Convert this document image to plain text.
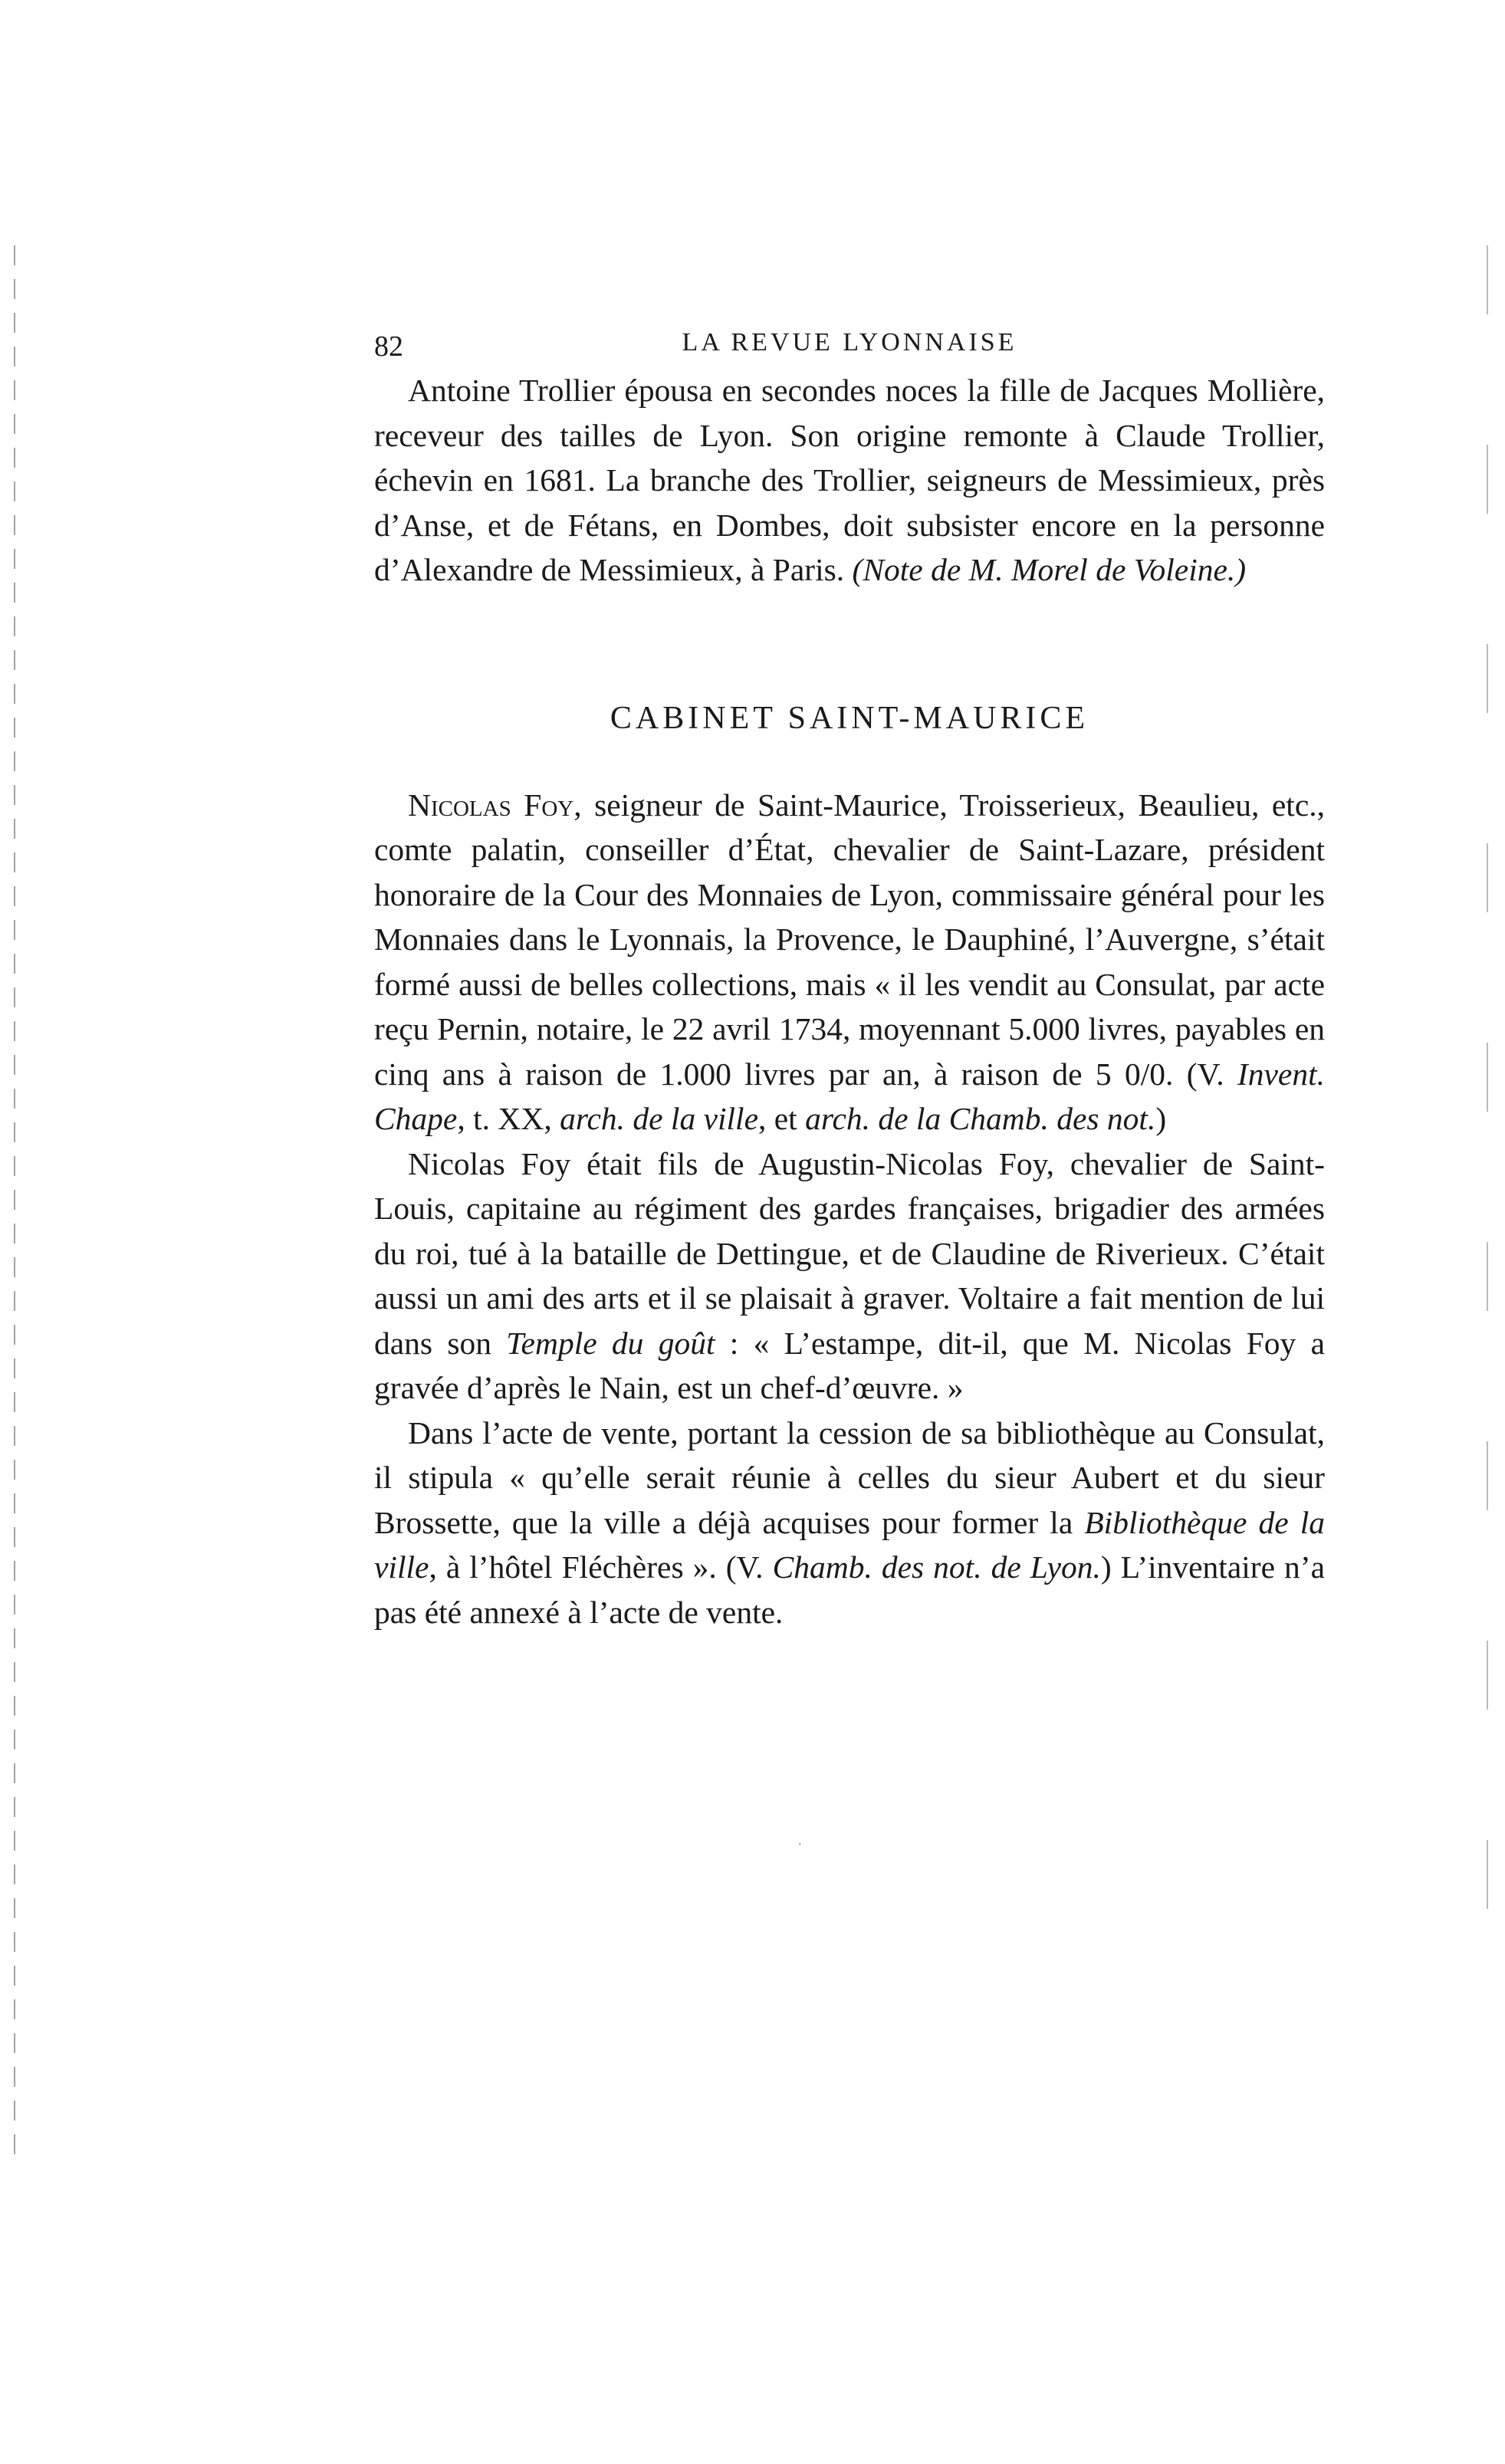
82	LA REVUE LYONNAISE

Antoine Trollier épousa en secondes noces la fille de Jacques Mollière, receveur des tailles de Lyon. Son origine remonte à Claude Trollier, échevin en 1681. La branche des Trollier, seigneurs de Messimieux, près d’Anse, et de Fétans, en Dombes, doit subsister encore en la personne d’Alexandre de Messimieux, à Paris. (Note de M. Morel de Voleine.)

CABINET SAINT-MAURICE

Nicolas Foy, seigneur de Saint-Maurice, Troisserieux, Beaulieu, etc., comte palatin, conseiller d’État, chevalier de Saint-Lazare, président honoraire de la Cour des Monnaies de Lyon, commissaire général pour les Monnaies dans le Lyonnais, la Provence, le Dauphiné, l’Auvergne, s’était formé aussi de belles collections, mais « il les vendit au Consulat, par acte reçu Pernin, notaire, le 22 avril 1734, moyennant 5.000 livres, payables en cinq ans à raison de 1.000 livres par an, à raison de 5 0/0. (V. Invent. Chape, t. XX, arch. de la ville, et arch. de la Chamb. des not.)

Nicolas Foy était fils de Augustin-Nicolas Foy, chevalier de Saint-Louis, capitaine au régiment des gardes françaises, brigadier des armées du roi, tué à la bataille de Dettingue, et de Claudine de Riverieux. C’était aussi un ami des arts et il se plaisait à graver. Voltaire a fait mention de lui dans son Temple du goût : « L’estampe, dit-il, que M. Nicolas Foy a gravée d’après le Nain, est un chef-d’œuvre. »

Dans l’acte de vente, portant la cession de sa bibliothèque au Consulat, il stipula « qu’elle serait réunie à celles du sieur Aubert et du sieur Brossette, que la ville a déjà acquises pour former la Bibliothèque de la ville, à l’hôtel Fléchères ». (V. Chamb. des not. de Lyon.) L’inventaire n’a pas été annexé à l’acte de vente.

·
